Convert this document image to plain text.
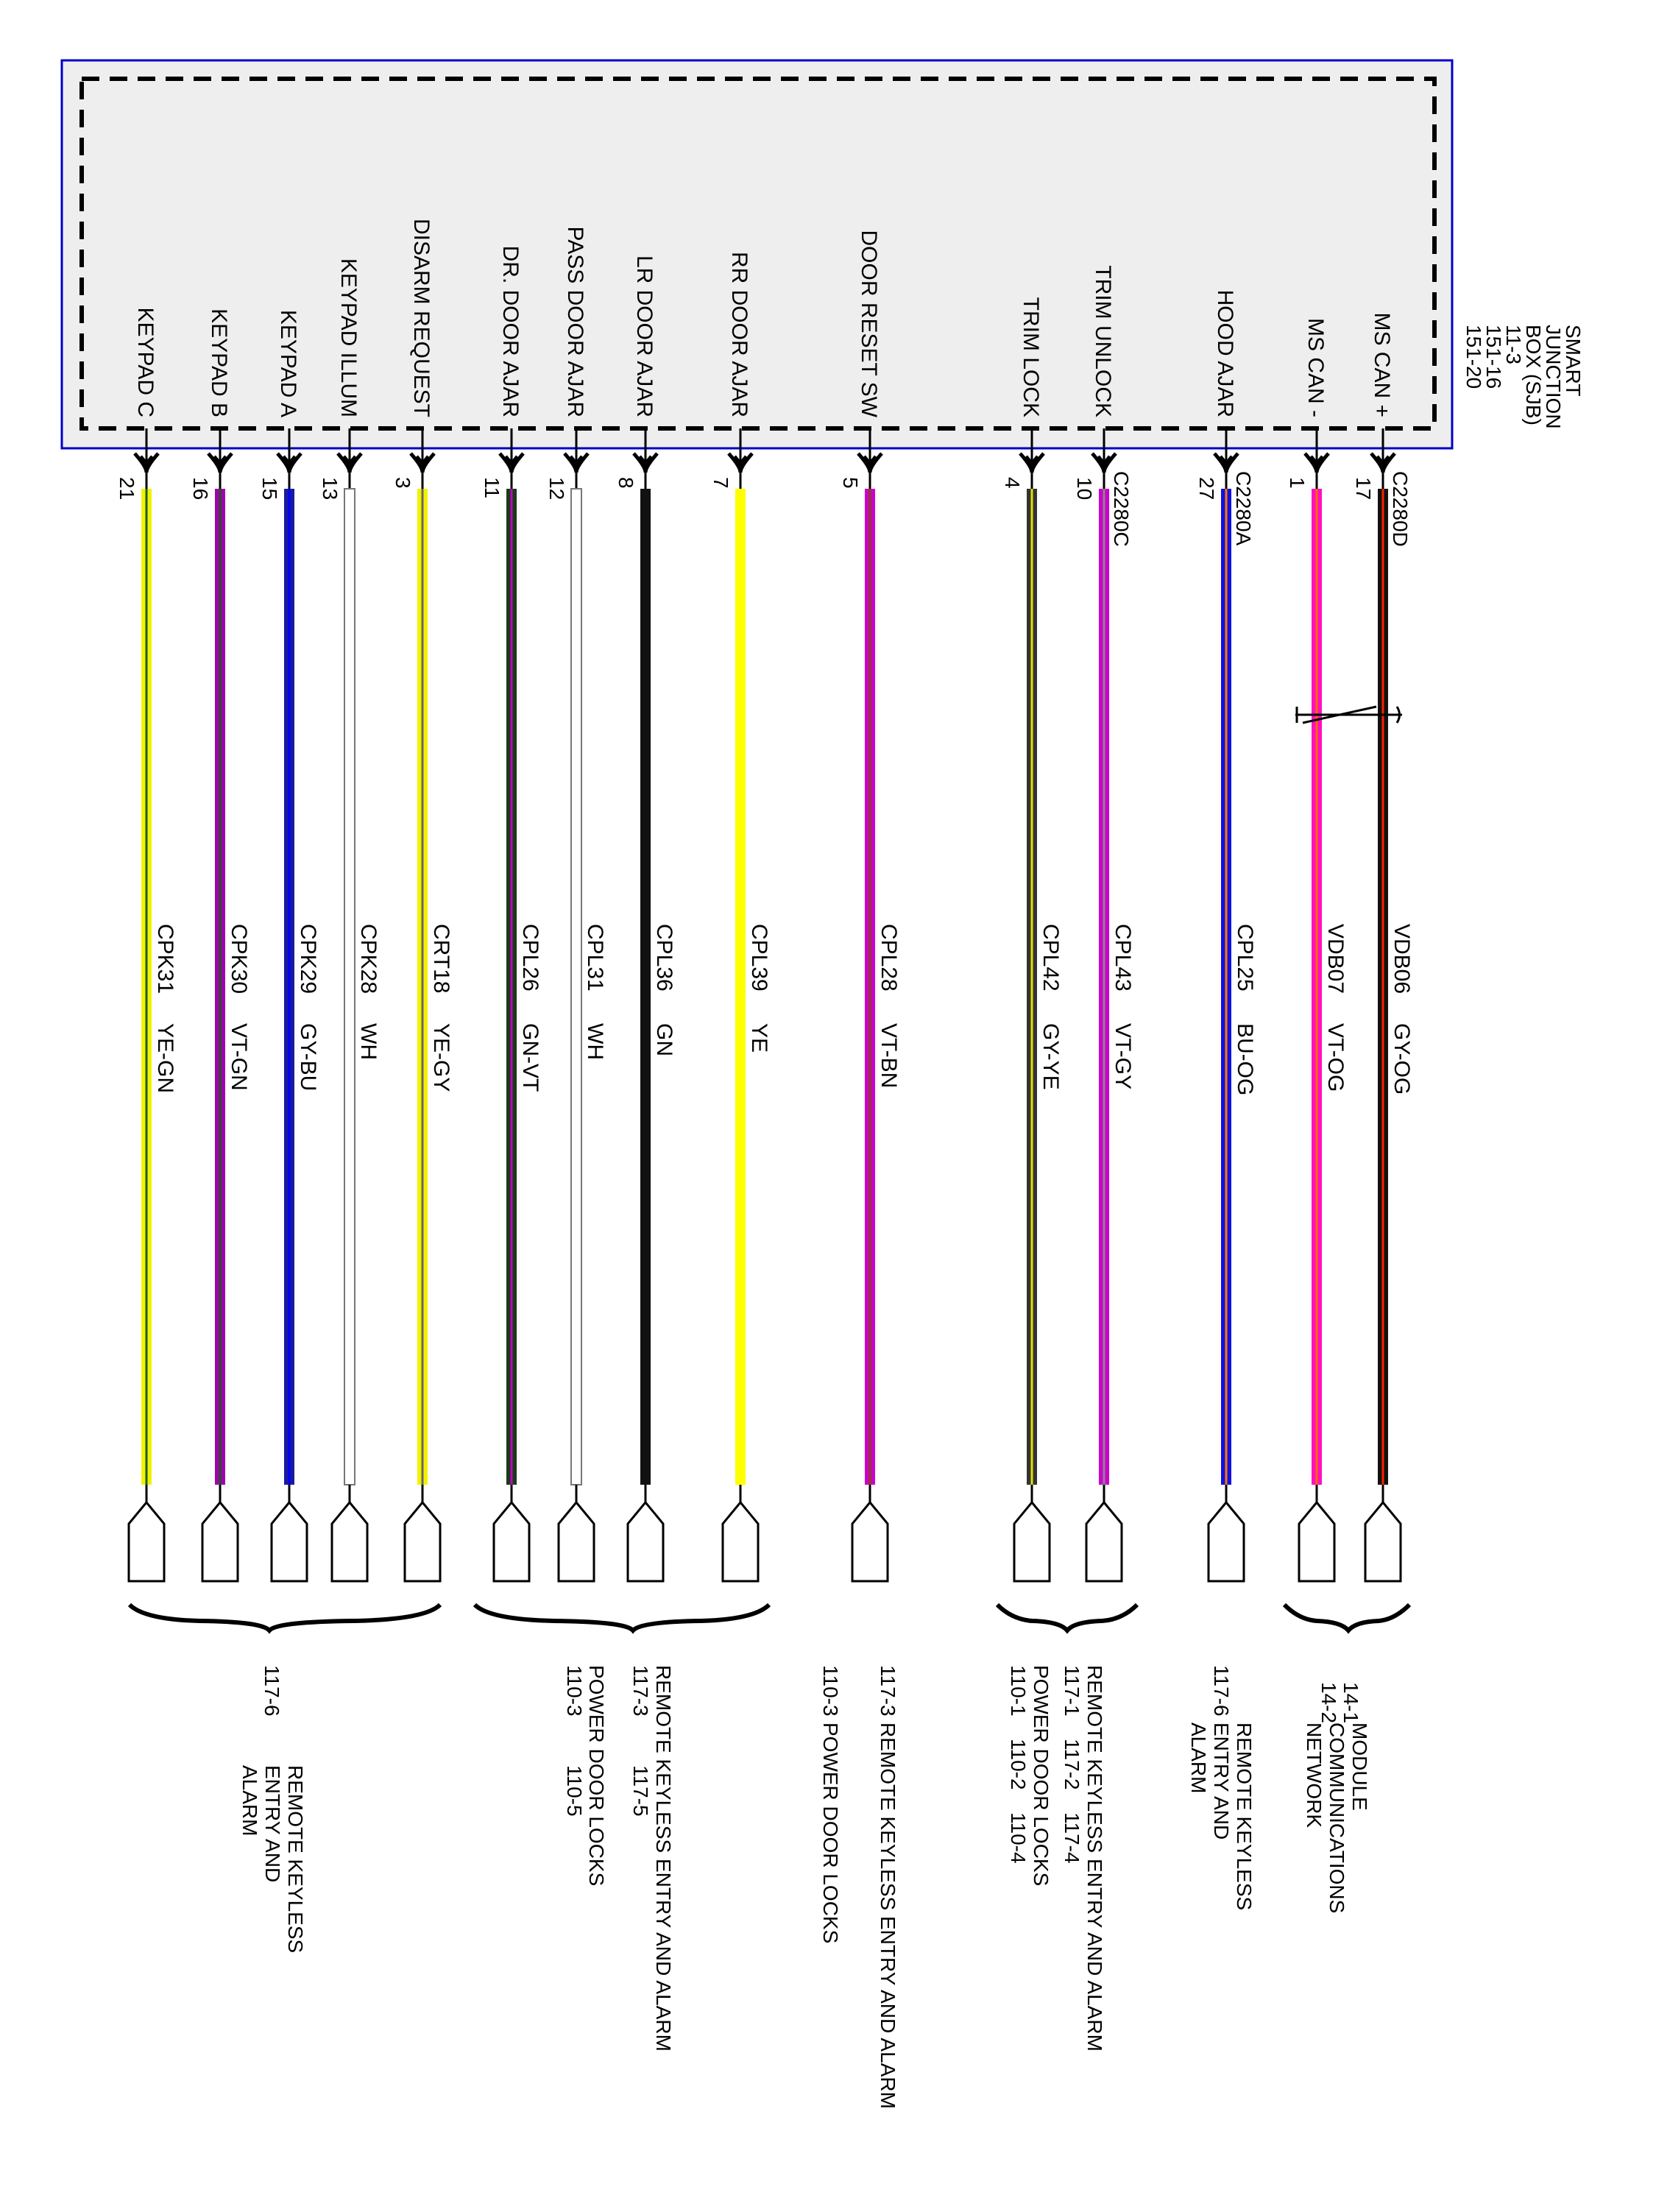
SMART
JUNCTION
BOX (SJB)
11-3
151-16
151-20
KEYPAD C
21
CPK31
YE-GN
KEYPAD B
16
CPK30
VT-GN
KEYPAD A
15
CPK29
GY-BU
KEYPAD ILLUM
13
CPK28
WH
DISARM REQUEST
3
CRT18
YE-GY
DR. DOOR AJAR
11
CPL26
GN-VT
PASS DOOR AJAR
12
CPL31
WH
LR DOOR AJAR
8
CPL36
GN
RR DOOR AJAR
7
CPL39
YE
DOOR RESET SW
5
CPL28
VT-BN
TRIM LOCK
4
CPL42
GY-YE
TRIM UNLOCK
10 C2280C
CPL43
VT-GY
HOOD AJAR
27 C2280A
CPL25
BU-OG
MS CAN -
1
VDB07
VT-OG
MS CAN +
17 C2280D
VDB06
GY-OG
117-6
REMOTE KEYLESS
ENTRY AND
ALARM	REMOTE KEYLESS ENTRY AND ALARM
117-3
117-5
POWER DOOR LOCKS
110-3
110-5
117-3
REMOTE KEYLESS ENTRY AND ALARM
110-3
POWER DOOR LOCKS	REMOTE KEYLESS ENTRY AND ALARM
117-1
117-2
117-4
POWER DOOR LOCKS
110-1
110-2
110-4
117-6
REMOTE KEYLESS
ENTRY AND
ALARM
14-1
14-2
MODULE
COMMUNICATIONS
NETWORK
